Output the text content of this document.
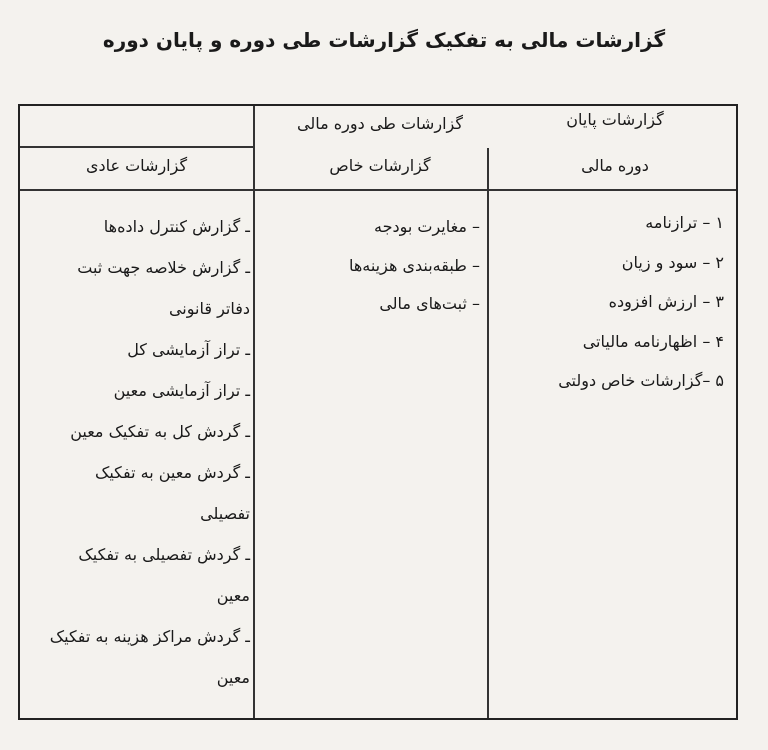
گزارشات مالی به تفکیک گزارشات طی دوره و پایان دوره
گزارشات پایان
دوره مالی
گزارشات طی دوره مالی
گزارشات خاص
گزارشات عادی
۱ – ترازنامه
۲ – سود و زیان
۳ – ارزش افزوده
۴ – اظهارنامه مالیاتی
۵ –گزارشات خاص دولتی
– مغایرت بودجه
– طبقه‌بندی هزینه‌ها
– ثبت‌های مالی
ـ گزارش کنترل داده‌ها
ـ گزارش خلاصه جهت ثبت
دفاتر قانونی
ـ تراز آزمایشی کل
ـ تراز آزمایشی معین
ـ گردش کل به تفکیک معین
ـ گردش معین به تفکیک
تفصیلی
ـ گردش تفصیلی به تفکیک
معین
ـ گردش مراکز هزینه به تفکیک
معین
